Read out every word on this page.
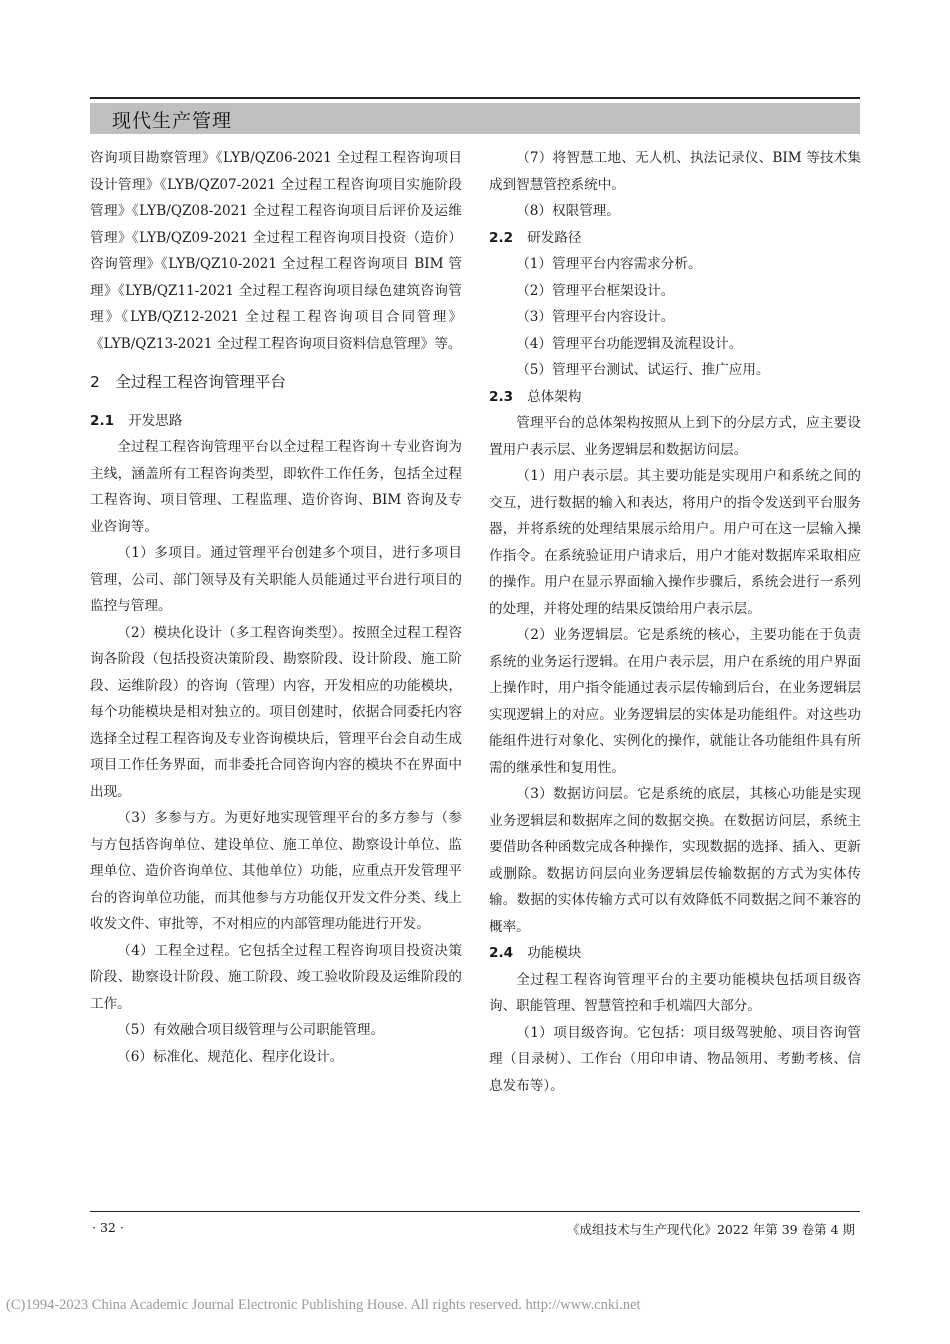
现代生产管理

咨询项目勘察管理》《LYB/QZ06-2021 全过程工程咨询项目设计管理》《LYB/QZ07-2021 全过程工程咨询项目实施阶段管理》《LYB/QZ08-2021 全过程工程咨询项目后评价及运维管理》《LYB/QZ09-2021 全过程工程咨询项目投资（造价）咨询管理》《LYB/QZ10-2021 全过程工程咨询项目 BIM 管理》《LYB/QZ11-2021 全过程工程咨询项目绿色建筑咨询管理》《LYB/QZ12-2021 全过程工程咨询项目合同管理》《LYB/QZ13-2021 全过程工程咨询项目资料信息管理》等。

2　全过程工程咨询管理平台

2.1 开发思路

全过程工程咨询管理平台以全过程工程咨询＋专业咨询为主线，涵盖所有工程咨询类型，即软件工作任务，包括全过程工程咨询、项目管理、工程监理、造价咨询、BIM 咨询及专业咨询等。

（1）多项目。通过管理平台创建多个项目，进行多项目管理，公司、部门领导及有关职能人员能通过平台进行项目的监控与管理。

（2）模块化设计（多工程咨询类型）。按照全过程工程咨询各阶段（包括投资决策阶段、勘察阶段、设计阶段、施工阶段、运维阶段）的咨询（管理）内容，开发相应的功能模块，每个功能模块是相对独立的。项目创建时，依据合同委托内容选择全过程工程咨询及专业咨询模块后，管理平台会自动生成项目工作任务界面，而非委托合同咨询内容的模块不在界面中出现。

（3）多参与方。为更好地实现管理平台的多方参与（参与方包括咨询单位、建设单位、施工单位、勘察设计单位、监理单位、造价咨询单位、其他单位）功能，应重点开发管理平台的咨询单位功能，而其他参与方功能仅开发文件分类、线上收发文件、审批等，不对相应的内部管理功能进行开发。

（4）工程全过程。它包括全过程工程咨询项目投资决策阶段、勘察设计阶段、施工阶段、竣工验收阶段及运维阶段的工作。

（5）有效融合项目级管理与公司职能管理。

（6）标准化、规范化、程序化设计。

（7）将智慧工地、无人机、执法记录仪、BIM 等技术集成到智慧管控系统中。

（8）权限管理。

2.2 研发路径

（1）管理平台内容需求分析。

（2）管理平台框架设计。

（3）管理平台内容设计。

（4）管理平台功能逻辑及流程设计。

（5）管理平台测试、试运行、推广应用。

2.3 总体架构

管理平台的总体架构按照从上到下的分层方式，应主要设置用户表示层、业务逻辑层和数据访问层。

（1）用户表示层。其主要功能是实现用户和系统之间的交互，进行数据的输入和表达，将用户的指令发送到平台服务器，并将系统的处理结果展示给用户。用户可在这一层输入操作指令。在系统验证用户请求后，用户才能对数据库采取相应的操作。用户在显示界面输入操作步骤后，系统会进行一系列的处理，并将处理的结果反馈给用户表示层。

（2）业务逻辑层。它是系统的核心，主要功能在于负责系统的业务运行逻辑。在用户表示层，用户在系统的用户界面上操作时，用户指令能通过表示层传输到后台，在业务逻辑层实现逻辑上的对应。业务逻辑层的实体是功能组件。对这些功能组件进行对象化、实例化的操作，就能让各功能组件具有所需的继承性和复用性。

（3）数据访问层。它是系统的底层，其核心功能是实现业务逻辑层和数据库之间的数据交换。在数据访问层，系统主要借助各种函数完成各种操作，实现数据的选择、插入、更新或删除。数据访问层向业务逻辑层传输数据的方式为实体传输。数据的实体传输方式可以有效降低不同数据之间不兼容的概率。

2.4 功能模块

全过程工程咨询管理平台的主要功能模块包括项目级咨询、职能管理、智慧管控和手机端四大部分。

（1）项目级咨询。它包括：项目级驾驶舱、项目咨询管理（目录树）、工作台（用印申请、物品领用、考勤考核、信息发布等）。

· 32 ·	《成组技术与生产现代化》2022 年第 39 卷第 4 期
(C)1994-2023 China Academic Journal Electronic Publishing House. All rights reserved. http://www.cnki.net
